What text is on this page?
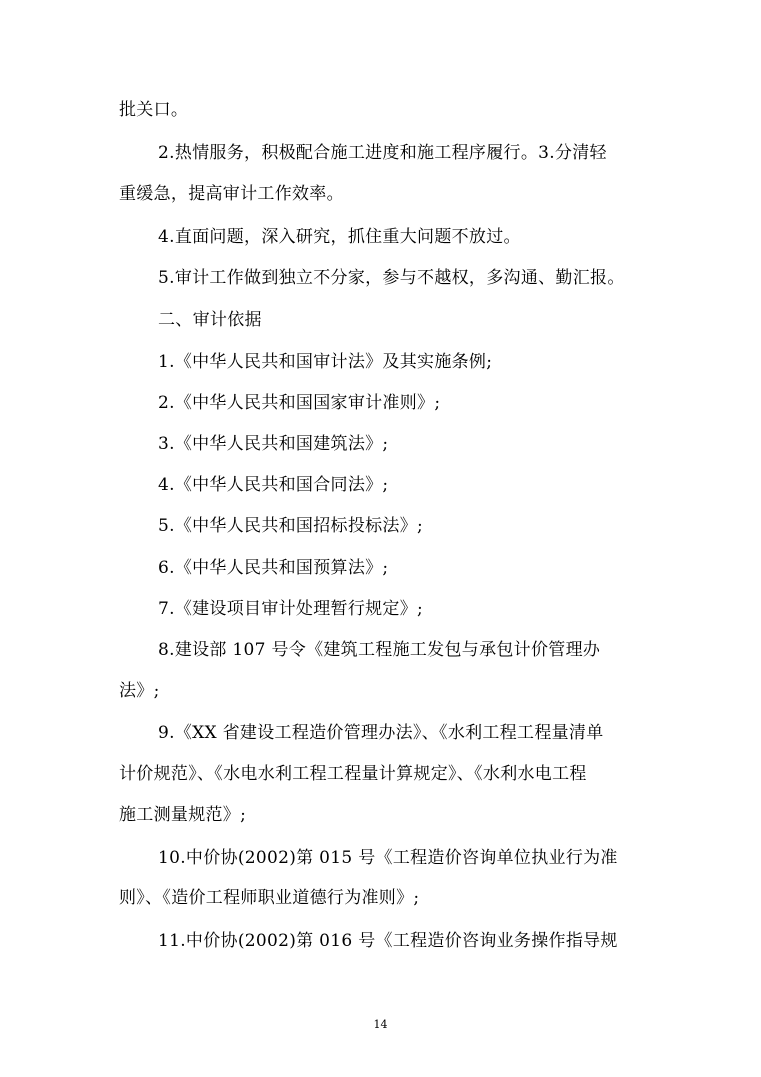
批关口。
2.热情服务，积极配合施工进度和施工程序履行。3.分清轻
重缓急，提高审计工作效率。
4.直面问题，深入研究，抓住重大问题不放过。
5.审计工作做到独立不分家，参与不越权，多沟通、勤汇报。
二、审计依据
1.《中华人民共和国审计法》及其实施条例;
2.《中华人民共和国国家审计准则》;
3.《中华人民共和国建筑法》;
4.《中华人民共和国合同法》;
5.《中华人民共和国招标投标法》;
6.《中华人民共和国预算法》;
7.《建设项目审计处理暂行规定》;
8.建设部 107 号令《建筑工程施工发包与承包计价管理办
法》;
9.《XX 省建设工程造价管理办法》、《水利工程工程量清单
计价规范》、《水电水利工程工程量计算规定》、《水利水电工程
施工测量规范》;
10.中价协(2002)第 015 号《工程造价咨询单位执业行为准
则》、《造价工程师职业道德行为准则》;
11.中价协(2002)第 016 号《工程造价咨询业务操作指导规
14
